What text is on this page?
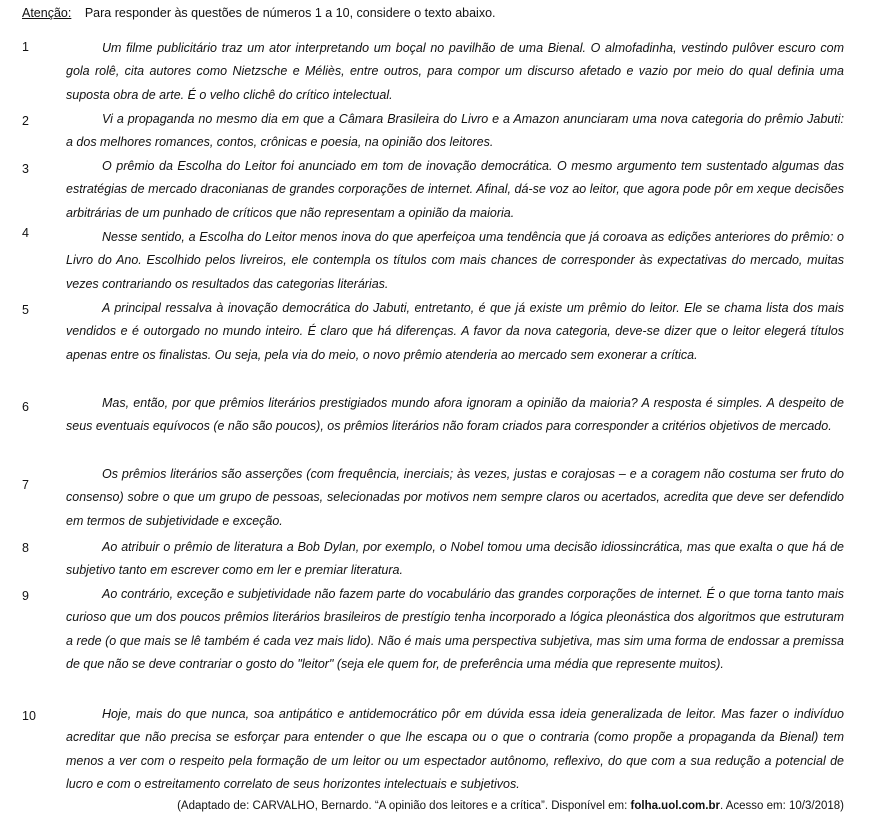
Atenção: Para responder às questões de números 1 a 10, considere o texto abaixo.
1	Um filme publicitário traz um ator interpretando um boçal no pavilhão de uma Bienal. O almofadinha, vestindo pulôver escuro com gola rolê, cita autores como Nietzsche e Méliès, entre outros, para compor um discurso afetado e vazio por meio do qual definia uma suposta obra de arte. É o velho clichê do crítico intelectual.
2	Vi a propaganda no mesmo dia em que a Câmara Brasileira do Livro e a Amazon anunciaram uma nova categoria do prêmio Jabuti: a dos melhores romances, contos, crônicas e poesia, na opinião dos leitores.
3	O prêmio da Escolha do Leitor foi anunciado em tom de inovação democrática. O mesmo argumento tem sustentado algumas das estratégias de mercado draconianas de grandes corporações de internet. Afinal, dá-se voz ao leitor, que agora pode pôr em xeque decisões arbitrárias de um punhado de críticos que não representam a opinião da maioria.
4	Nesse sentido, a Escolha do Leitor menos inova do que aperfeiçoa uma tendência que já coroava as edições anteriores do prêmio: o Livro do Ano. Escolhido pelos livreiros, ele contempla os títulos com mais chances de corresponder às expectativas do mercado, muitas vezes contrariando os resultados das categorias literárias.
5	A principal ressalva à inovação democrática do Jabuti, entretanto, é que já existe um prêmio do leitor. Ele se chama lista dos mais vendidos e é outorgado no mundo inteiro. É claro que há diferenças. A favor da nova categoria, deve-se dizer que o leitor elegerá títulos apenas entre os finalistas. Ou seja, pela via do meio, o novo prêmio atenderia ao mercado sem exonerar a crítica.
6	Mas, então, por que prêmios literários prestigiados mundo afora ignoram a opinião da maioria? A resposta é simples. A despeito de seus eventuais equívocos (e não são poucos), os prêmios literários não foram criados para corresponder a critérios objetivos de mercado.
7
Os prêmios literários são asserções (com frequência, inerciais; às vezes, justas e corajosas – e a coragem não costuma ser fruto do consenso) sobre o que um grupo de pessoas, selecionadas por motivos nem sempre claros ou acertados, acredita que deve ser defendido em termos de subjetividade e exceção.
8	Ao atribuir o prêmio de literatura a Bob Dylan, por exemplo, o Nobel tomou uma decisão idiossincrática, mas que exalta o que há de subjetivo tanto em escrever como em ler e premiar literatura.
9	Ao contrário, exceção e subjetividade não fazem parte do vocabulário das grandes corporações de internet. É o que torna tanto mais curioso que um dos poucos prêmios literários brasileiros de prestígio tenha incorporado a lógica pleonástica dos algoritmos que estruturam a rede (o que mais se lê também é cada vez mais lido). Não é mais uma perspectiva subjetiva, mas sim uma forma de endossar a premissa de que não se deve contrariar o gosto do "leitor" (seja ele quem for, de preferência uma média que represente muitos).
10	Hoje, mais do que nunca, soa antipático e antidemocrático pôr em dúvida essa ideia generalizada de leitor. Mas fazer o indivíduo acreditar que não precisa se esforçar para entender o que lhe escapa ou o que o contraria (como propõe a propaganda da Bienal) tem menos a ver com o respeito pela formação de um leitor ou um espectador autônomo, reflexivo, do que com a sua redução a potencial de lucro e com o estreitamento correlato de seus horizontes intelectuais e subjetivos.
(Adaptado de: CARVALHO, Bernardo. “A opinião dos leitores e a crítica”. Disponível em: folha.uol.com.br. Acesso em: 10/3/2018)
